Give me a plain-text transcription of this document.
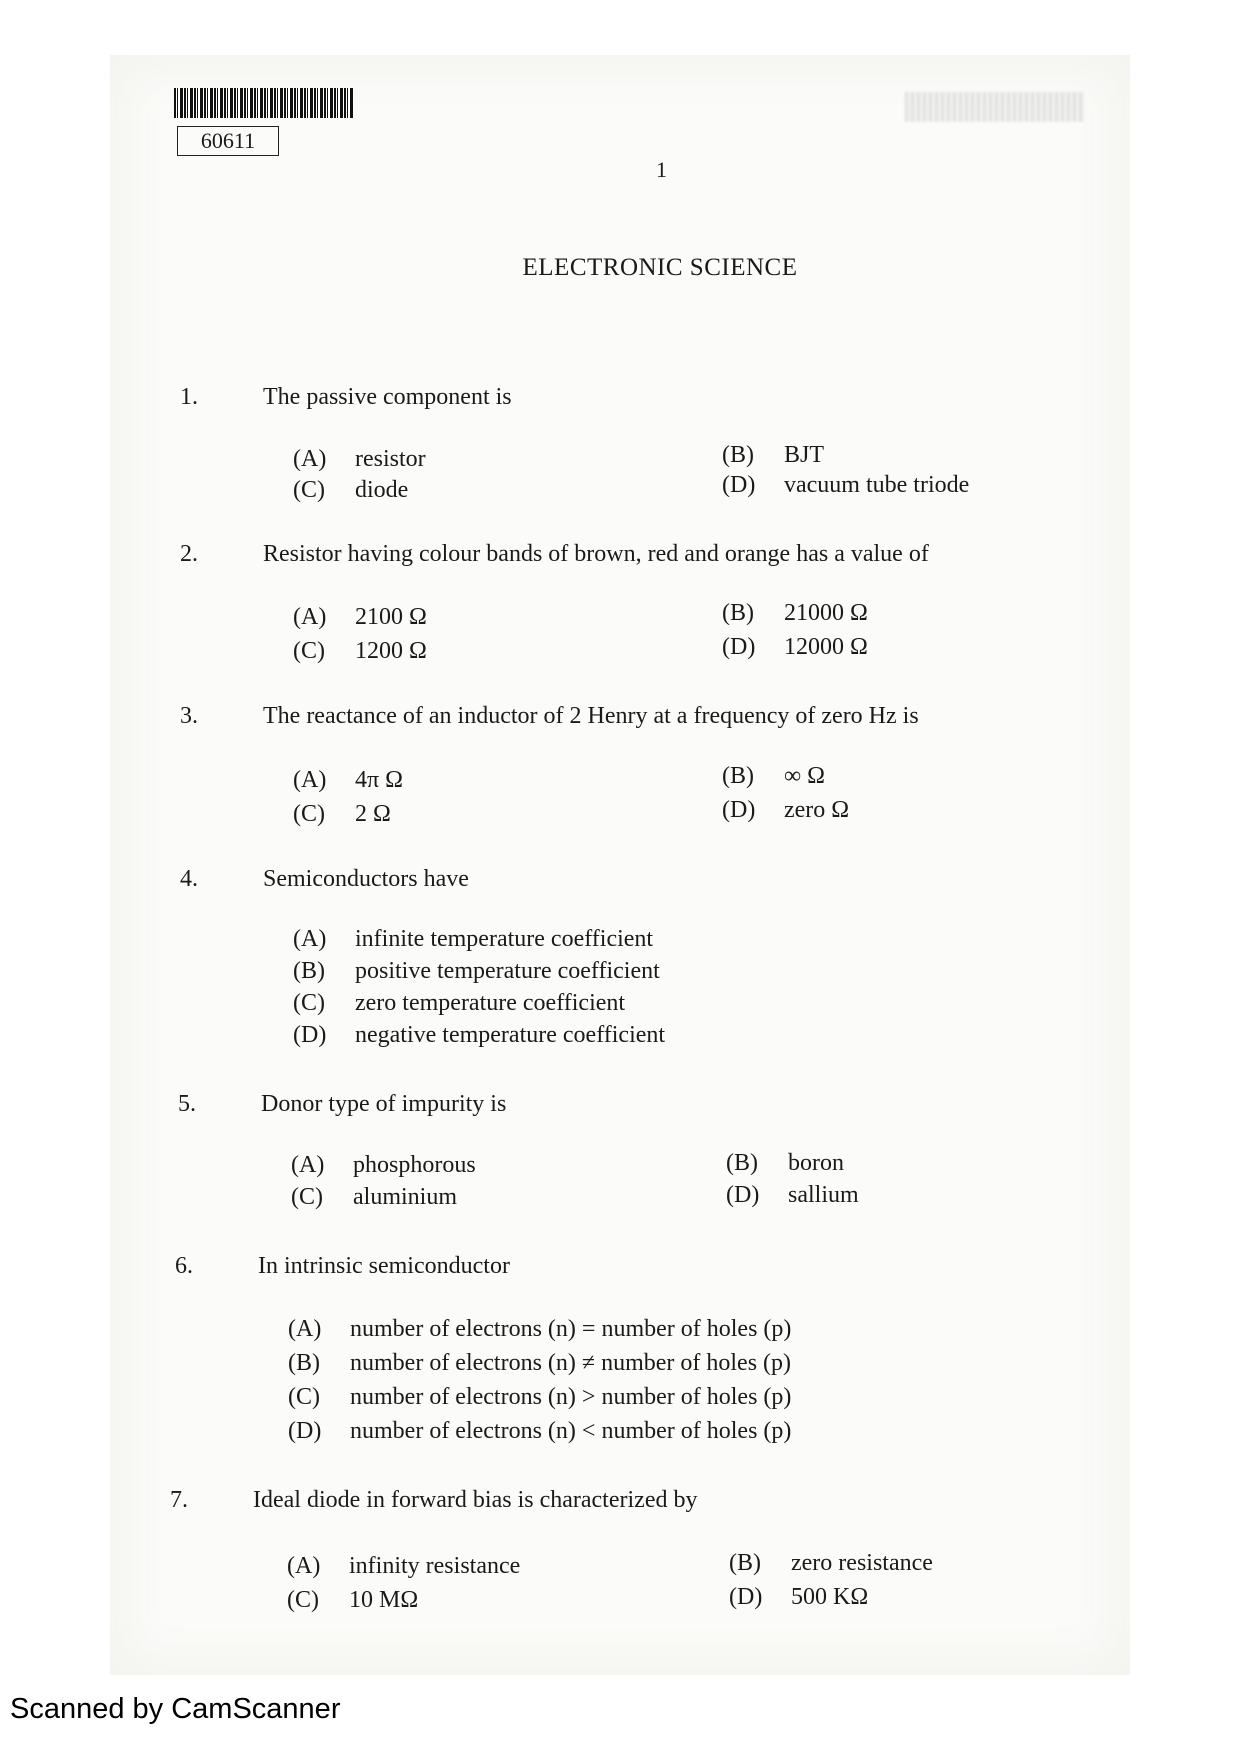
60611
1
ELECTRONIC SCIENCE
1.	The passive component is
(A) resistor	(B) BJT
(C) diode	(D) vacuum tube triode
2.	Resistor having colour bands of brown, red and orange has a value of
(A) 2100 Ω	(B) 21000 Ω
(C) 1200 Ω	(D) 12000 Ω
3.	The reactance of an inductor of 2 Henry at a frequency of zero Hz is
(A) 4π Ω	(B) ∞ Ω
(C) 2 Ω	(D) zero Ω
4.	Semiconductors have
(A) infinite temperature coefficient
(B) positive temperature coefficient
(C) zero temperature coefficient
(D) negative temperature coefficient
5.	Donor type of impurity is
(A) phosphorous	(B) boron
(C) aluminium	(D) sallium
6.	In intrinsic semiconductor
(A) number of electrons (n) = number of holes (p)
(B) number of electrons (n) ≠ number of holes (p)
(C) number of electrons (n) > number of holes (p)
(D) number of electrons (n) < number of holes (p)
7.	Ideal diode in forward bias is characterized by
(A) infinity resistance	(B) zero resistance
(C) 10 MΩ	(D) 500 KΩ
Scanned by CamScanner
